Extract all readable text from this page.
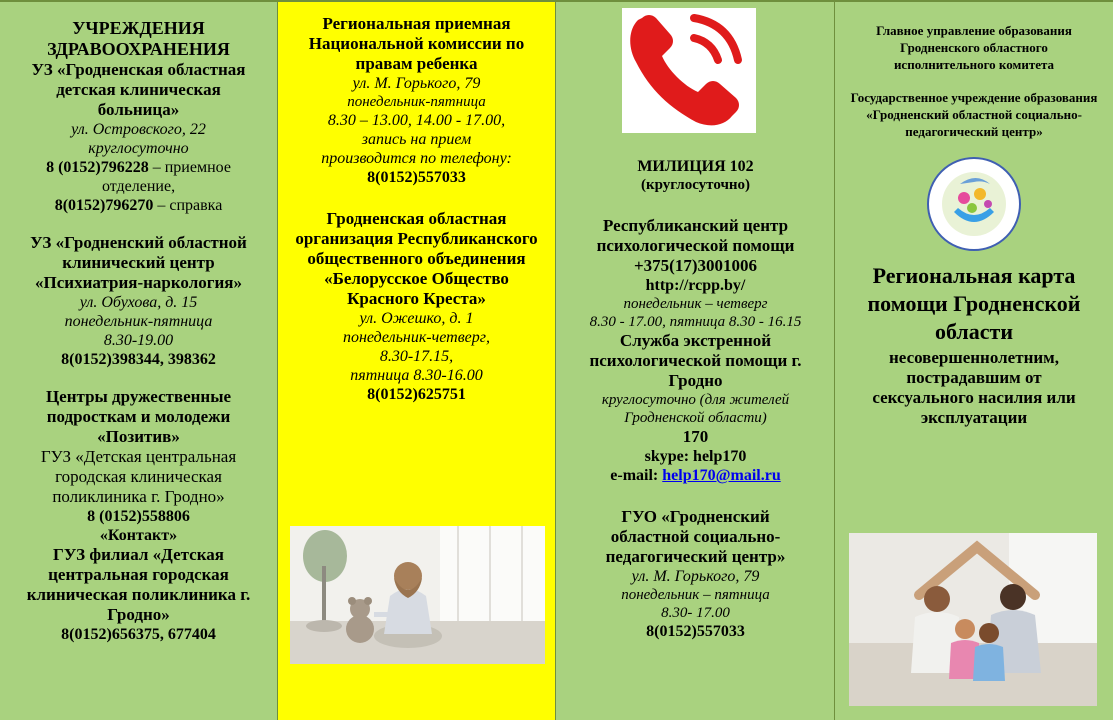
УЧРЕЖДЕНИЯ
ЗДРАВООХРАНЕНИЯ
УЗ «Гродненская областная детская клиническая больница»
ул. Островского, 22
круглосуточно
8 (0152)796228 – приемное отделение,
8(0152)796270 – справка
УЗ «Гродненский областной клинический центр «Психиатрия-наркология»
ул. Обухова, д. 15
понедельник-пятница
8.30-19.00
8(0152)398344, 398362
Центры дружественные подросткам и молодежи «Позитив»
ГУЗ «Детская центральная городская клиническая поликлиника г. Гродно»
8 (0152)558806
«Контакт»
ГУЗ филиал «Детская центральная городская клиническая поликлиника г. Гродно»
8(0152)656375, 677404
Региональная приемная Национальной комиссии по правам ребенка
ул. М. Горького, 79
понедельник-пятница
8.30 – 13.00, 14.00 - 17.00,
запись на прием производится по телефону:
8(0152)557033
Гродненская областная организация Республиканского общественного объединения «Белорусское Общество Красного Креста»
ул. Ожешко, д. 1
понедельник-четверг,
8.30-17.15,
пятница 8.30-16.00
8(0152)625751
МИЛИЦИЯ 102
(круглосуточно)
Республиканский центр психологической помощи
+375(17)3001006
http://rcpp.by/
понедельник – четверг
8.30 - 17.00, пятница 8.30 - 16.15
Служба экстренной психологической помощи г. Гродно
круглосуточно (для жителей Гродненской области)
170
skype: help170
e-mail: help170@mail.ru
ГУО «Гродненский областной социально-педагогический центр»
ул. М. Горького, 79
понедельник – пятница
8.30- 17.00
8(0152)557033
Главное управление образования Гродненского областного исполнительного комитета
Государственное учреждение образования «Гродненский областной социально-педагогический центр»
Региональная карта помощи Гродненской области
несовершеннолетним, пострадавшим от сексуального насилия или эксплуатации
